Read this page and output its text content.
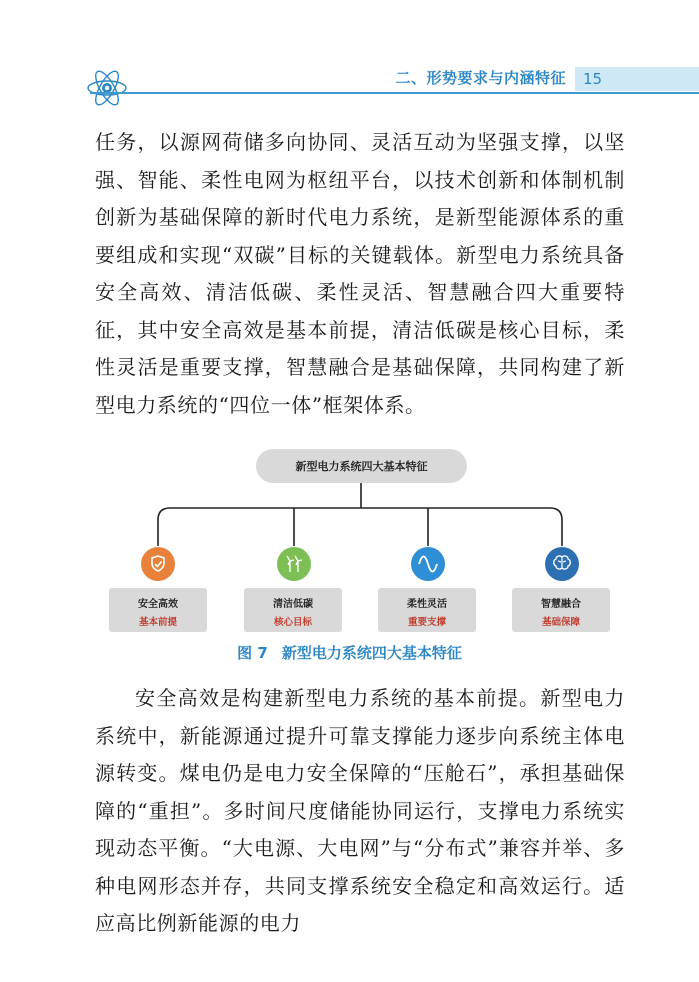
二、形势要求与内涵特征 15
任务，以源网荷储多向协同、灵活互动为坚强支撑，以坚强、智能、柔性电网为枢纽平台，以技术创新和体制机制创新为基础保障的新时代电力系统，是新型能源体系的重要组成和实现“双碳”目标的关键载体。新型电力系统具备安全高效、清洁低碳、柔性灵活、智慧融合四大重要特征，其中安全高效是基本前提，清洁低碳是核心目标，柔性灵活是重要支撑，智慧融合是基础保障，共同构建了新型电力系统的“四位一体”框架体系。
新型电力系统四大基本特征
安全高效
基本前提
清洁低碳
核心目标
柔性灵活
重要支撑
智慧融合
基础保障
图 7 新型电力系统四大基本特征
安全高效是构建新型电力系统的基本前提。新型电力系统中，新能源通过提升可靠支撑能力逐步向系统主体电源转变。煤电仍是电力安全保障的“压舱石”，承担基础保障的“重担”。多时间尺度储能协同运行，支撑电力系统实现动态平衡。“大电源、大电网”与“分布式”兼容并举、多种电网形态并存，共同支撑系统安全稳定和高效运行。适应高比例新能源的电力
